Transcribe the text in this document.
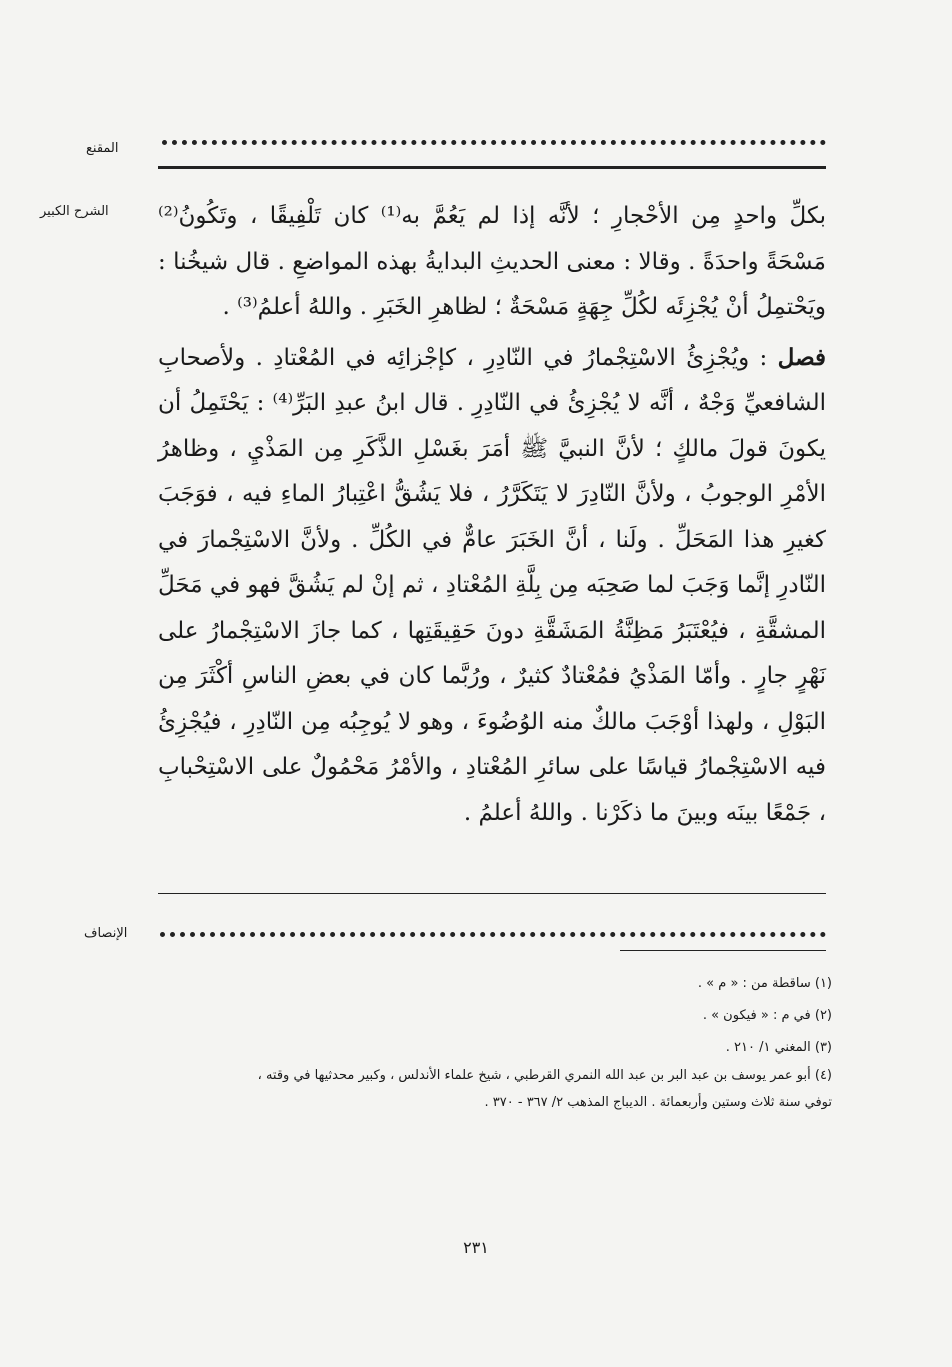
المقنع
الشرح الكبير بكلِّ واحدٍ مِن الأحْجارِ ؛ لأنَّه إذا لم يَعُمَّ به⁽¹⁾ كان تَلْفِيقًا ، وتَكُونُ⁽²⁾ مَسْحَةً واحدَةً . وقالا : معنى الحديثِ البدايةُ بهذه المواضعِ . قال شيخُنا : ويَحْتمِلُ أنْ يُجْزِئَه لكُلِّ جِهَةٍ مَسْحَةٌ ؛ لظاهرِ الخَبَرِ . واللهُ أعلمُ⁽³⁾ .

فصل : ويُجْزِئُ الاسْتِجْمارُ في النّادِرِ ، كإجْزائِه في المُعْتادِ . ولأصحابِ الشافعيِّ وَجْهٌ ، أنَّه لا يُجْزِئُ في النّادِرِ . قال ابنُ عبدِ البَرِّ⁽⁴⁾ : يَحْتَمِلُ أن يكونَ قولَ مالكٍ ؛ لأنَّ النبيَّ ﷺ أمَرَ بغَسْلِ الذَّكَرِ مِن المَذْيِ ، وظاهرُ الأمْرِ الوجوبُ ، ولأنَّ النّادِرَ لا يَتَكَرَّرُ ، فلا يَشُقُّ اعْتِبارُ الماءِ فيه ، فوَجَبَ كغيرِ هذا المَحَلِّ . ولَنا ، أنَّ الخَبَرَ عامٌّ في الكُلِّ . ولأنَّ الاسْتِجْمارَ في النّادرِ إنَّما وَجَبَ لما صَحِبَه مِن بِلَّةِ المُعْتادِ ، ثم إنْ لم يَشُقَّ فهو في مَحَلِّ المشقَّةِ ، فيُعْتَبَرُ مَظِنَّةُ المَشَقَّةِ دونَ حَقِيقَتِها ، كما جازَ الاسْتِجْمارُ على نَهْرٍ جارٍ . وأمّا المَذْيُ فمُعْتادٌ كثيرٌ ، ورُبَّما كان في بعضِ الناسِ أكْثَرَ مِن البَوْلِ ، ولهذا أوْجَبَ مالكٌ منه الوُضُوءَ ، وهو لا يُوجِبُه مِن النّادِرِ ، فيُجْزِئُ فيه الاسْتِجْمارُ قياسًا على سائرِ المُعْتادِ ، والأمْرُ مَحْمُولٌ على الاسْتِحْبابِ ، جَمْعًا بينَه وبينَ ما ذكَرْنا . واللهُ أعلمُ .

الإنصاف

(١) ساقطة من : « م » .

(٢) في م : « فيكون » .

(٣) المغني ١/ ٢١٠ .

(٤) أبو عمر يوسف بن عبد البر بن عبد الله النمري القرطبي ، شيخ علماء الأندلس ، وكبير محدثيها في وقته ،

توفي سنة ثلاث وستين وأربعمائة . الديباج المذهب ٢/ ٣٦٧ - ٣٧٠ .

٢٣١
